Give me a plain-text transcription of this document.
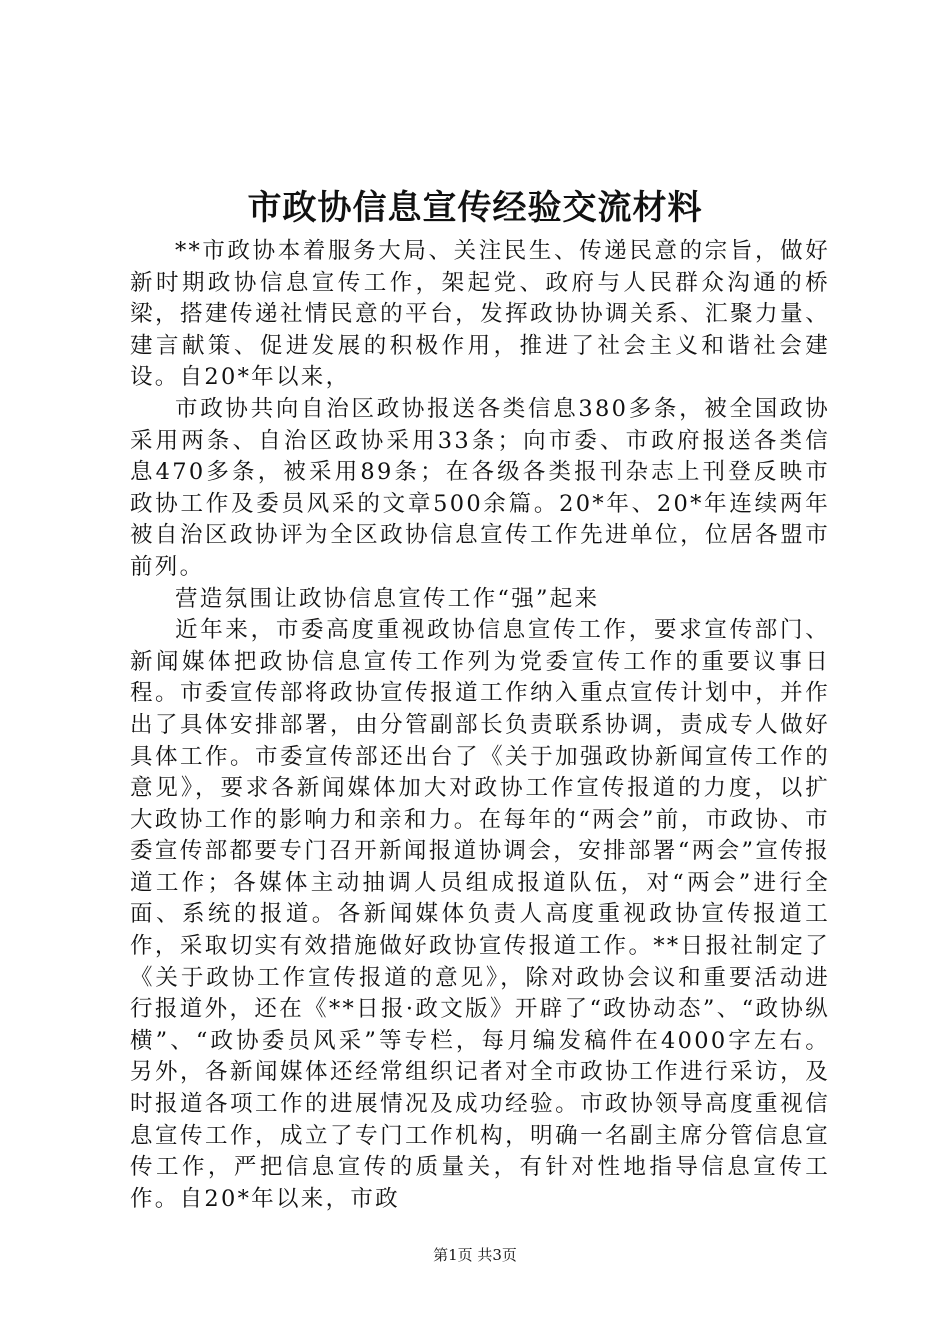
市政协信息宣传经验交流材料

**市政协本着服务大局、关注民生、传递民意的宗旨，做好新时期政协信息宣传工作，架起党、政府与人民群众沟通的桥梁，搭建传递社情民意的平台，发挥政协协调关系、汇聚力量、建言献策、促进发展的积极作用，推进了社会主义和谐社会建设。自20*年以来，

市政协共向自治区政协报送各类信息380多条，被全国政协采用两条、自治区政协采用33条；向市委、市政府报送各类信息470多条，被采用89条；在各级各类报刊杂志上刊登反映市政协工作及委员风采的文章500余篇。20*年、20*年连续两年被自治区政协评为全区政协信息宣传工作先进单位，位居各盟市前列。

营造氛围让政协信息宣传工作“强”起来

近年来，市委高度重视政协信息宣传工作，要求宣传部门、新闻媒体把政协信息宣传工作列为党委宣传工作的重要议事日程。市委宣传部将政协宣传报道工作纳入重点宣传计划中，并作出了具体安排部署，由分管副部长负责联系协调，责成专人做好具体工作。市委宣传部还出台了《关于加强政协新闻宣传工作的意见》，要求各新闻媒体加大对政协工作宣传报道的力度，以扩大政协工作的影响力和亲和力。在每年的“两会”前，市政协、市委宣传部都要专门召开新闻报道协调会，安排部署“两会”宣传报道工作；各媒体主动抽调人员组成报道队伍，对“两会”进行全面、系统的报道。各新闻媒体负责人高度重视政协宣传报道工作，采取切实有效措施做好政协宣传报道工作。**日报社制定了《关于政协工作宣传报道的意见》，除对政协会议和重要活动进行报道外，还在《**日报·政文版》开辟了“政协动态”、“政协纵横”、“政协委员风采”等专栏，每月编发稿件在4000字左右。另外，各新闻媒体还经常组织记者对全市政协工作进行采访，及时报道各项工作的进展情况及成功经验。市政协领导高度重视信息宣传工作，成立了专门工作机构，明确一名副主席分管信息宣传工作，严把信息宣传的质量关，有针对性地指导信息宣传工作。自20*年以来，市政

第1页 共3页
